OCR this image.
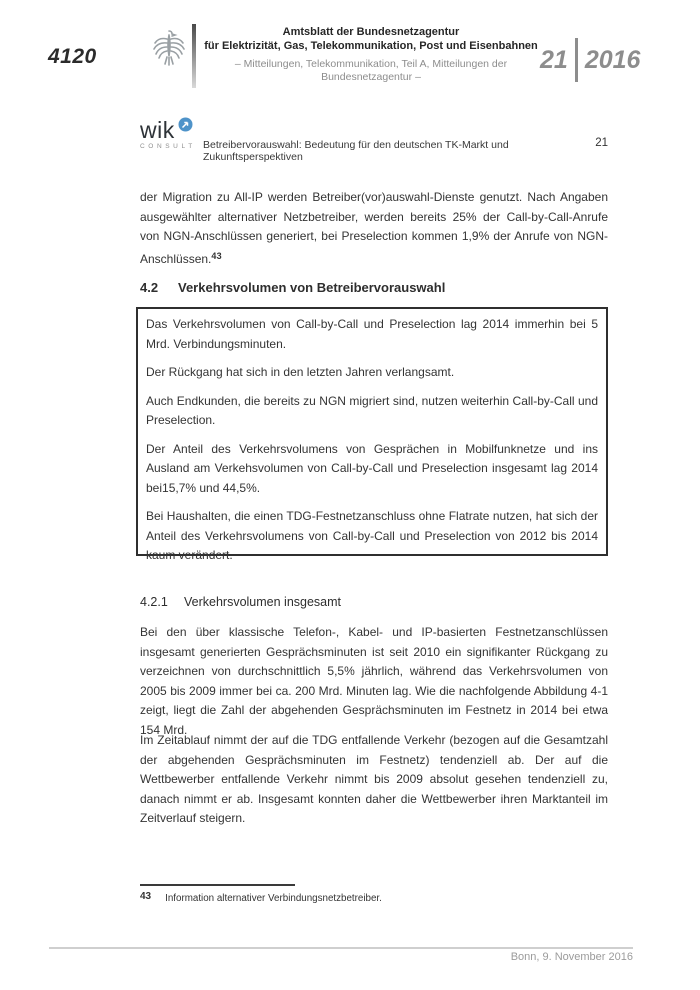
4120
Amtsblatt der Bundesnetzagentur
für Elektrizität, Gas, Telekommunikation, Post und Eisenbahnen
– Mitteilungen, Telekommunikation, Teil A, Mitteilungen der Bundesnetzagentur –
21 2016
wik
CONSULT Betreibervorauswahl: Bedeutung für den deutschen TK-Markt und Zukunftsperspektiven
21

der Migration zu All-IP werden Betreiber(vor)auswahl-Dienste genutzt. Nach Angaben ausgewählter alternativer Netzbetreiber, werden bereits 25% der Call-by-Call-Anrufe von NGN-Anschlüssen generiert, bei Preselection kommen 1,9% der Anrufe von NGN-Anschlüssen.$^{43}$

4.2	Verkehrsvolumen von Betreibervorauswahl

Das Verkehrsvolumen von Call-by-Call und Preselection lag 2014 immerhin bei 5 Mrd. Verbindungsminuten.

Der Rückgang hat sich in den letzten Jahren verlangsamt.

Auch Endkunden, die bereits zu NGN migriert sind, nutzen weiterhin Call-by-Call und Preselection.

Der Anteil des Verkehrsvolumens von Gesprächen in Mobilfunknetze und ins Ausland am Verkehsvolumen von Call-by-Call und Preselection insgesamt lag 2014 bei15,7% und 44,5%.

Bei Haushalten, die einen TDG-Festnetzanschluss ohne Flatrate nutzen, hat sich der Anteil des Verkehrsvolumens von Call-by-Call und Preselection von 2012 bis 2014 kaum verändert.

4.2.1	Verkehrsvolumen insgesamt

Bei den über klassische Telefon-, Kabel- und IP-basierten Festnetzanschlüssen insgesamt generierten Gesprächsminuten ist seit 2010 ein signifikanter Rückgang zu verzeichnen von durchschnittlich 5,5% jährlich, während das Verkehrsvolumen von 2005 bis 2009 immer bei ca. 200 Mrd. Minuten lag. Wie die nachfolgende Abbildung 4-1 zeigt, liegt die Zahl der abgehenden Gesprächsminuten im Festnetz in 2014 bei etwa 154 Mrd.

Im Zeitablauf nimmt der auf die TDG entfallende Verkehr (bezogen auf die Gesamtzahl der abgehenden Gesprächsminuten im Festnetz) tendenziell ab. Der auf die Wettbewerber entfallende Verkehr nimmt bis 2009 absolut gesehen tendenziell zu, danach nimmt er ab. Insgesamt konnten daher die Wettbewerber ihren Marktanteil im Zeitverlauf steigern.

43 Information alternativer Verbindungsnetzbetreiber.
Bonn, 9. November 2016
